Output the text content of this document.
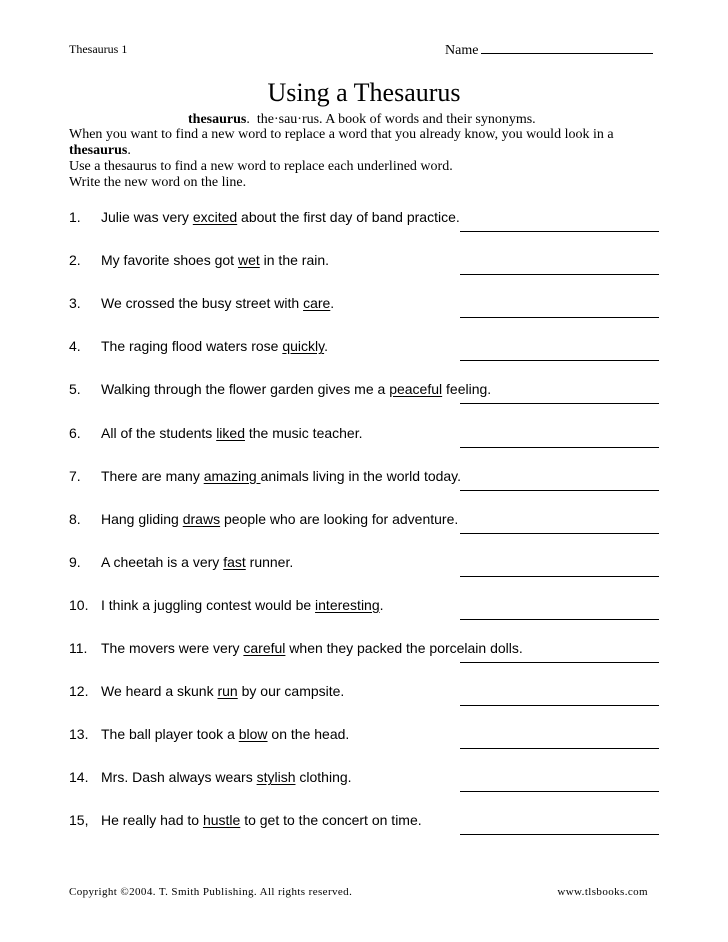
Thesaurus 1	Name
Using a Thesaurus
thesaurus.  the·sau·rus. A book of words and their synonyms.

When you want to find a new word to replace a word that you already know, you would look in a

thesaurus.

Use a thesaurus to find a new word to replace each underlined word.

Write the new word on the line.

1. Julie was very excited about the first day of band practice.
2. My favorite shoes got wet in the rain.
3. We crossed the busy street with care.
4. The raging flood waters rose quickly.
5. Walking through the flower garden gives me a peaceful feeling.
6. All of the students liked the music teacher.
7. There are many amazing animals living in the world today.
8. Hang gliding draws people who are looking for adventure.
9. A cheetah is a very fast runner.
10. I think a juggling contest would be interesting.
11. The movers were very careful when they packed the porcelain dolls.
12. We heard a skunk run by our campsite.
13. The ball player took a blow on the head.
14. Mrs. Dash always wears stylish clothing.
15, He really had to hustle to get to the concert on time.
Copyright ©2004. T. Smith Publishing. All rights reserved.	www.tlsbooks.com
